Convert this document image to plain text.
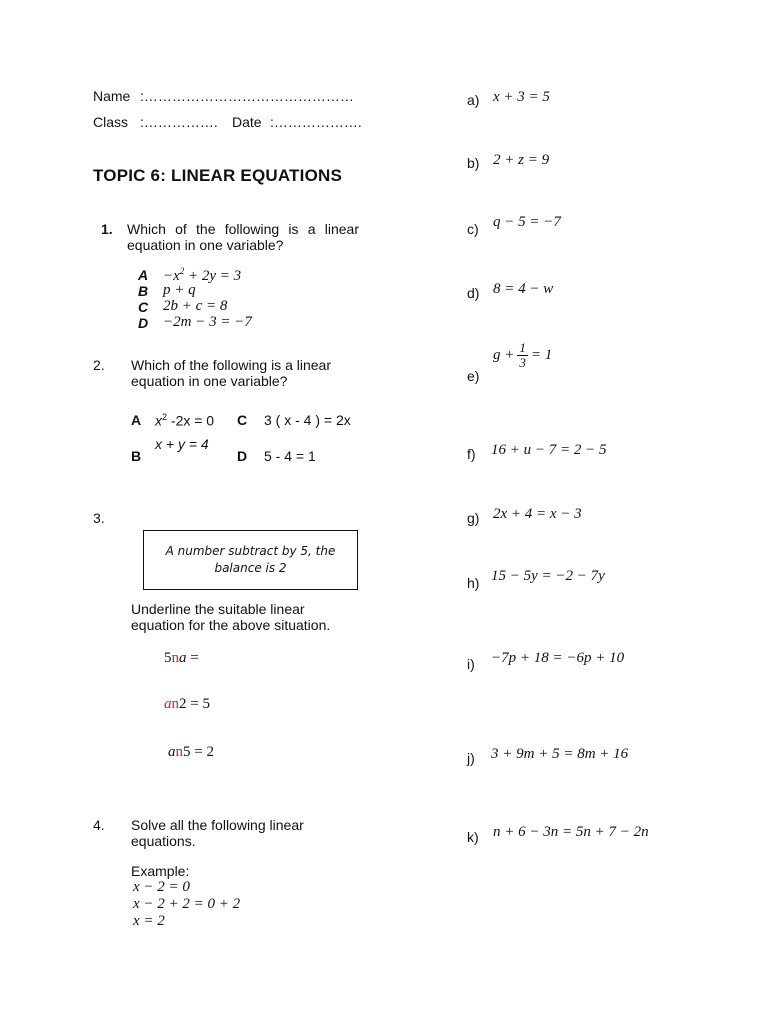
Name :………………………………………
Class :……………. Date :……………….
TOPIC 6: LINEAR EQUATIONS
1. Which of the following is a linear
equation in one variable?
$A -x^2 + 2y = 3$
B p + q
C 2b + c = 8
D −2m − 3 = −7
2. Which of the following is a linear
equation in one variable?
A $x^2$ -2x = 0 C 3 ( x - 4 ) = 2x
x + y = 4
B	D 5 - 4 = 1
3.
A number subtract by 5, the balance is 2
Underline the suitable linear
equation for the above situation.
5na =
an2 = 5
an5 = 2
4. Solve all the following linear
equations.
Example:
x − 2 = 0
x − 2 + 2 = 0 + 2
x = 2
a) x + 3 = 5
b) 2 + z = 9
c) q − 5 = −7
d) 8 = 4 − w
e)
$g + \frac{1}{3} = 1$
f) 16 + u − 7 = 2 − 5
g) 2x + 4 = x − 3
h) 15 − 5y = −2 − 7y
i) −7p + 18 = −6p + 10
j) 3 + 9m + 5 = 8m + 16
k) n + 6 − 3n = 5n + 7 − 2n
